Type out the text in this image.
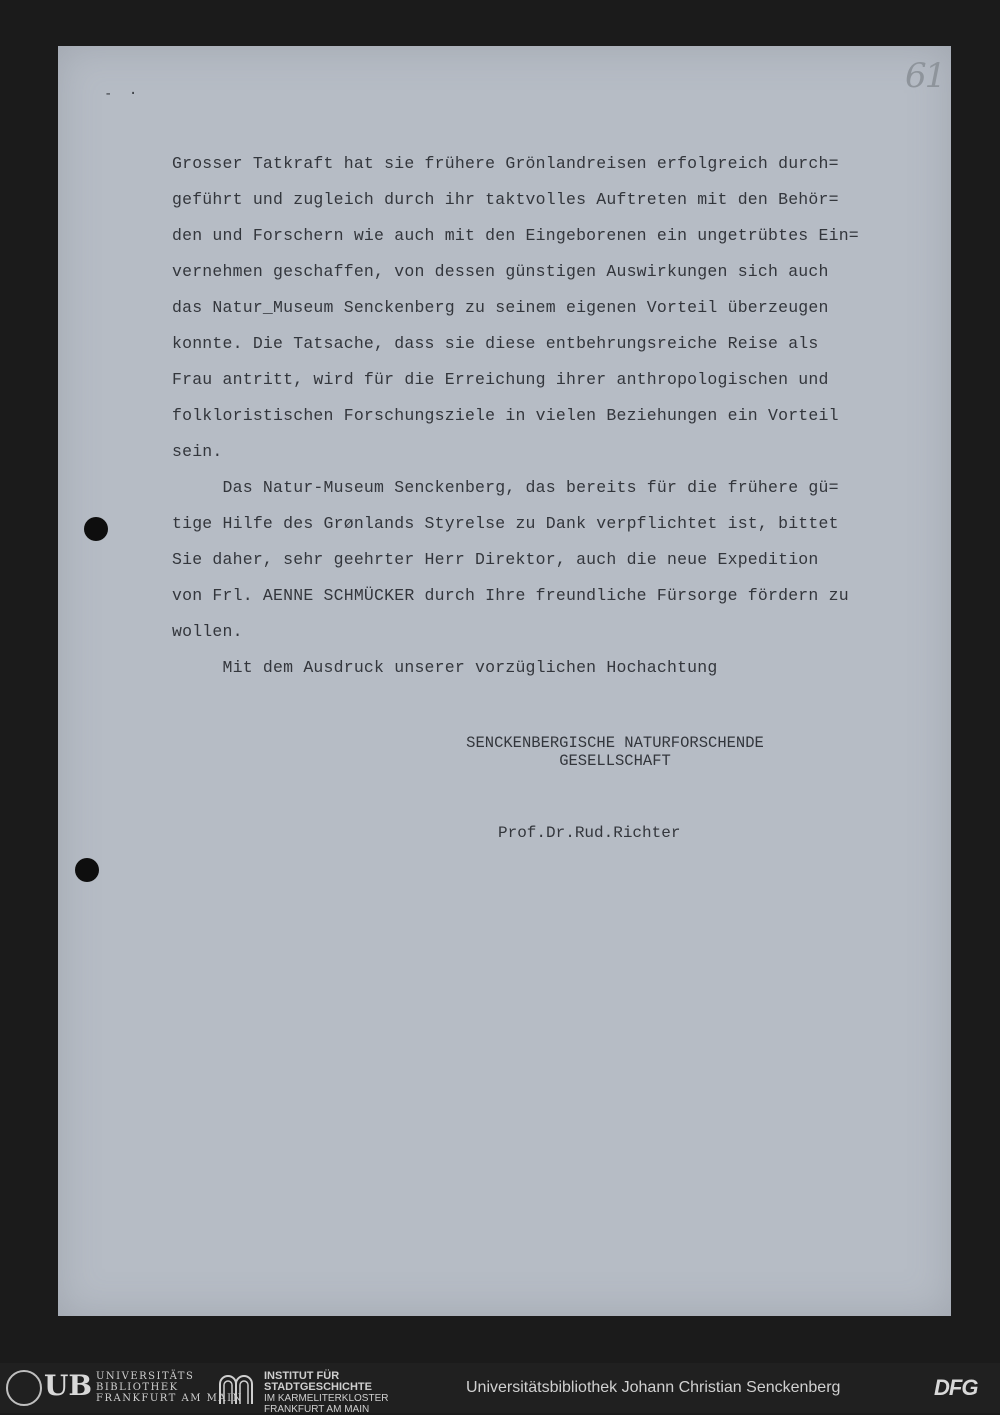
61
- ·
Grosser Tatkraft hat sie frühere Grönlandreisen erfolgreich durch=
geführt und zugleich durch ihr taktvolles Auftreten mit den Behör=
den und Forschern wie auch mit den Eingeborenen ein ungetrübtes Ein=
vernehmen geschaffen, von dessen günstigen Auswirkungen sich auch
das Natur_Museum Senckenberg zu seinem eigenen Vorteil überzeugen
konnte. Die Tatsache, dass sie diese entbehrungsreiche Reise als
Frau antritt, wird für die Erreichung ihrer anthropologischen und
folkloristischen Forschungsziele in vielen Beziehungen ein Vorteil
sein.
Das Natur-Museum Senckenberg, das bereits für die frühere gü=
tige Hilfe des Grønlands Styrelse zu Dank verpflichtet ist, bittet
Sie daher, sehr geehrter Herr Direktor, auch die neue Expedition
von Frl. AENNE SCHMÜCKER durch Ihre freundliche Fürsorge fördern zu
wollen.
Mit dem Ausdruck unserer vorzüglichen Hochachtung
SENCKENBERGISCHE NATURFORSCHENDE
GESELLSCHAFT
Prof.Dr.Rud.Richter
UB UNIVERSITÄTS
BIBLIOTHEK
FRANKFURT AM MAIN
INSTITUT FÜR
STADTGESCHICHTE
IM KARMELITERKLOSTER
FRANKFURT AM MAIN
Universitätsbibliothek Johann Christian Senckenberg	DFG
